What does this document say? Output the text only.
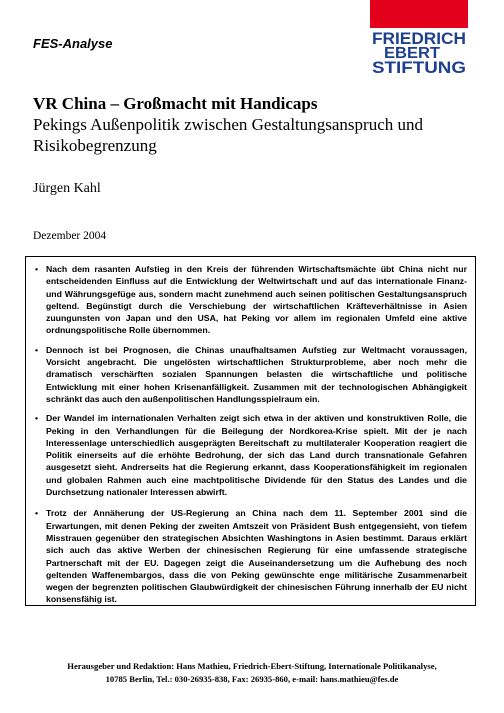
FES-Analyse	FRIEDRICH
EBERT
STIFTUNG
VR China – Großmacht mit Handicaps
Pekings Außenpolitik zwischen Gestaltungsanspruch und Risikobegrenzung
Jürgen Kahl
Dezember 2004
• Nach dem rasanten Aufstieg in den Kreis der führenden Wirtschaftsmächte übt China nicht nur entscheidenden Einfluss auf die Entwicklung der Weltwirtschaft und auf das internationale Finanz- und Währungsgefüge aus, sondern macht zunehmend auch seinen politischen Gestaltungsanspruch geltend. Begünstigt durch die Verschiebung der wirtschaftlichen Kräfteverhältnisse in Asien zuungunsten von Japan und den USA, hat Peking vor allem im regionalen Umfeld eine aktive ordnungspolitische Rolle übernommen.
• Dennoch ist bei Prognosen, die Chinas unaufhaltsamen Aufstieg zur Weltmacht voraussagen, Vorsicht angebracht. Die ungelösten wirtschaftlichen Strukturprobleme, aber noch mehr die dramatisch verschärften sozialen Spannungen belasten die wirtschaftliche und politische Entwicklung mit einer hohen Krisenanfälligkeit. Zusammen mit der technologischen Abhängigkeit schränkt das auch den außenpolitischen Handlungsspielraum ein.
• Der Wandel im internationalen Verhalten zeigt sich etwa in der aktiven und konstruktiven Rolle, die Peking in den Verhandlungen für die Beilegung der Nordkorea-Krise spielt. Mit der je nach Interessenlage unterschiedlich ausgeprägten Bereitschaft zu multilateraler Kooperation reagiert die Politik einerseits auf die erhöhte Bedrohung, der sich das Land durch transnationale Gefahren ausgesetzt sieht. Andrerseits hat die Regierung erkannt, dass Kooperationsfähigkeit im regionalen und globalen Rahmen auch eine machtpolitische Dividende für den Status des Landes und die Durchsetzung nationaler Interessen abwirft.
• Trotz der Annäherung der US-Regierung an China nach dem 11. September 2001 sind die Erwartungen, mit denen Peking der zweiten Amtszeit von Präsident Bush entgegensieht, von tiefem Misstrauen gegenüber den strategischen Absichten Washingtons in Asien bestimmt. Daraus erklärt sich auch das aktive Werben der chinesischen Regierung für eine umfassende strategische Partnerschaft mit der EU. Dagegen zeigt die Auseinandersetzung um die Aufhebung des noch geltenden Waffenembargos, dass die von Peking gewünschte enge militärische Zusammenarbeit wegen der begrenzten politischen Glaubwürdigkeit der chinesischen Führung innerhalb der EU nicht konsensfähig ist.
Herausgeber und Redaktion: Hans Mathieu, Friedrich-Ebert-Stiftung, Internationale Politikanalyse,
10785 Berlin, Tel.: 030-26935-838, Fax: 26935-860, e-mail: hans.mathieu@fes.de
